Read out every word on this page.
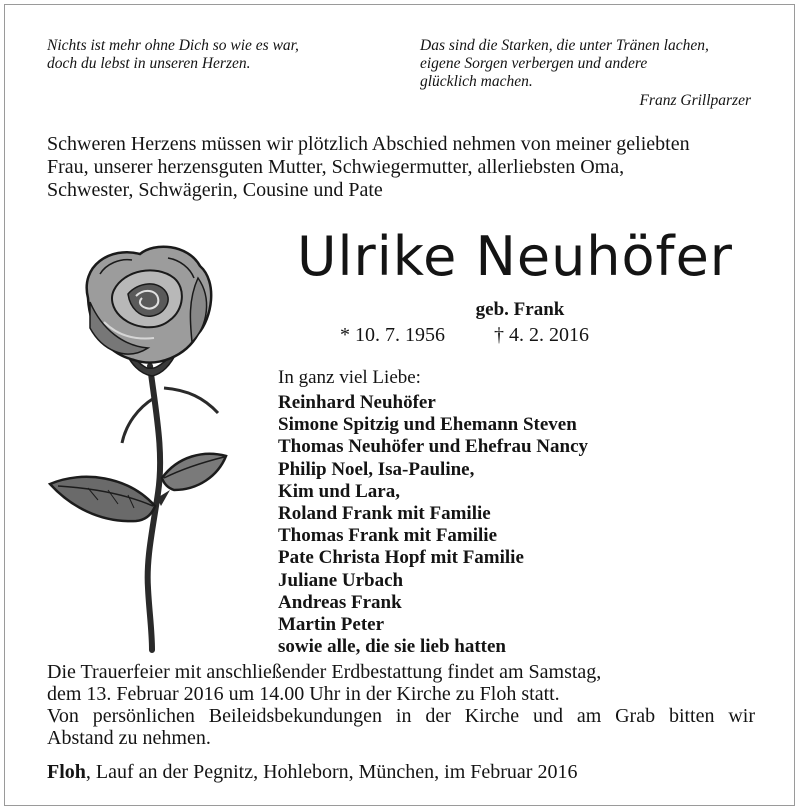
Nichts ist mehr ohne Dich so wie es war,
doch du lebst in unseren Herzen.
Das sind die Starken, die unter Tränen lachen,
eigene Sorgen verbergen und andere
glücklich machen.
Franz Grillparzer
Schweren Herzens müssen wir plötzlich Abschied nehmen von meiner geliebten
Frau, unserer herzensguten Mutter, Schwiegermutter, allerliebsten Oma,
Schwester, Schwägerin, Cousine und Pate
Ulrike Neuhöfer
geb. Frank
* 10. 7. 1956 † 4. 2. 2016
In ganz viel Liebe:
Reinhard Neuhöfer
Simone Spitzig und Ehemann Steven
Thomas Neuhöfer und Ehefrau Nancy
Philip Noel, Isa-Pauline,
Kim und Lara,
Roland Frank mit Familie
Thomas Frank mit Familie
Pate Christa Hopf mit Familie
Juliane Urbach
Andreas Frank
Martin Peter
sowie alle, die sie lieb hatten
Die Trauerfeier mit anschließender Erdbestattung findet am Samstag,
dem 13. Februar 2016 um 14.00 Uhr in der Kirche zu Floh statt.
Von persönlichen Beileidsbekundungen in der Kirche und am Grab bitten wir
Abstand zu nehmen.
Floh, Lauf an der Pegnitz, Hohleborn, München, im Februar 2016
